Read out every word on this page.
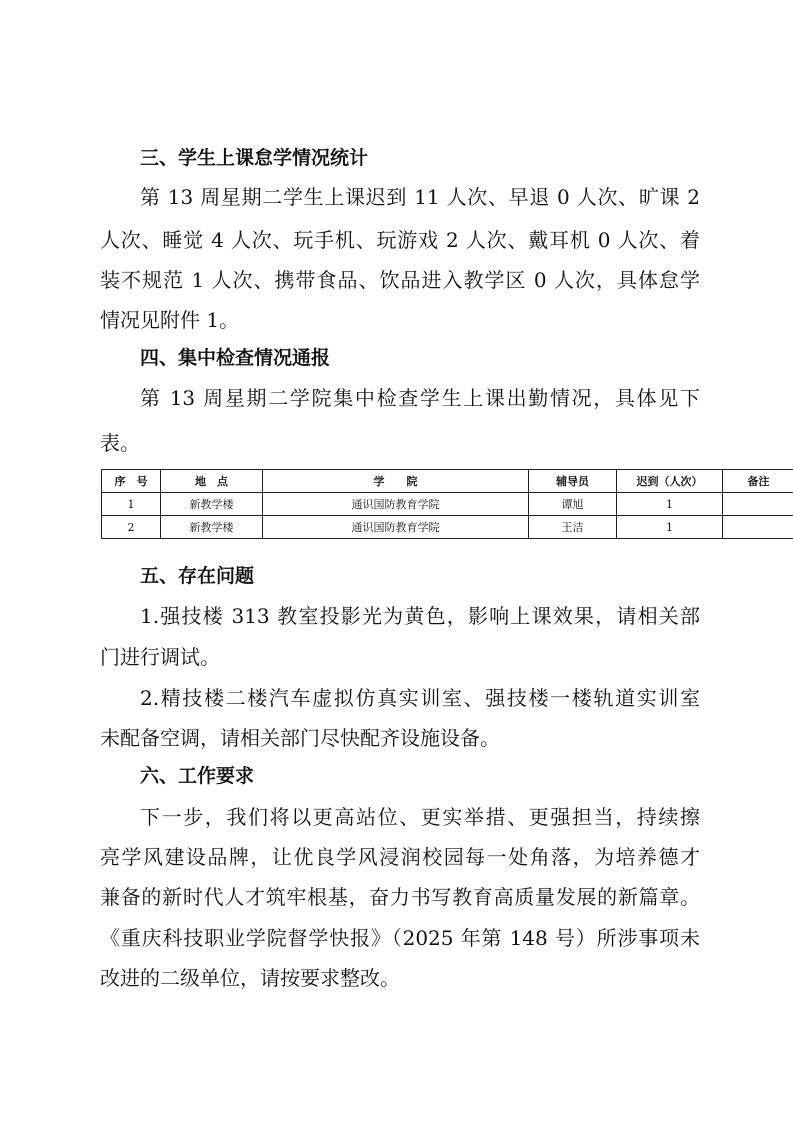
三、学生上课怠学情况统计

第 13 周星期二学生上课迟到 11 人次、早退 0 人次、旷课 2

人次、睡觉 4 人次、玩手机、玩游戏 2 人次、戴耳机 0 人次、着

装不规范 1 人次、携带食品、饮品进入教学区 0 人次，具体怠学

情况见附件 1。

四、集中检查情况通报

第 13 周星期二学院集中检查学生上课出勤情况，具体见下

表。

序　号	地　点	学　　院	辅导员	迟到（人次）	备注
1	新教学楼	通识国防教育学院	谭旭	1	
2	新教学楼	通识国防教育学院	王洁	1	
五、存在问题

1.强技楼 313 教室投影光为黄色，影响上课效果，请相关部

门进行调试。

2.精技楼二楼汽车虚拟仿真实训室、强技楼一楼轨道实训室

未配备空调，请相关部门尽快配齐设施设备。

六、工作要求

下一步，我们将以更高站位、更实举措、更强担当，持续擦

亮学风建设品牌，让优良学风浸润校园每一处角落，为培养德才

兼备的新时代人才筑牢根基，奋力书写教育高质量发展的新篇章。

《重庆科技职业学院督学快报》（2025 年第 148 号）所涉事项未

改进的二级单位，请按要求整改。
